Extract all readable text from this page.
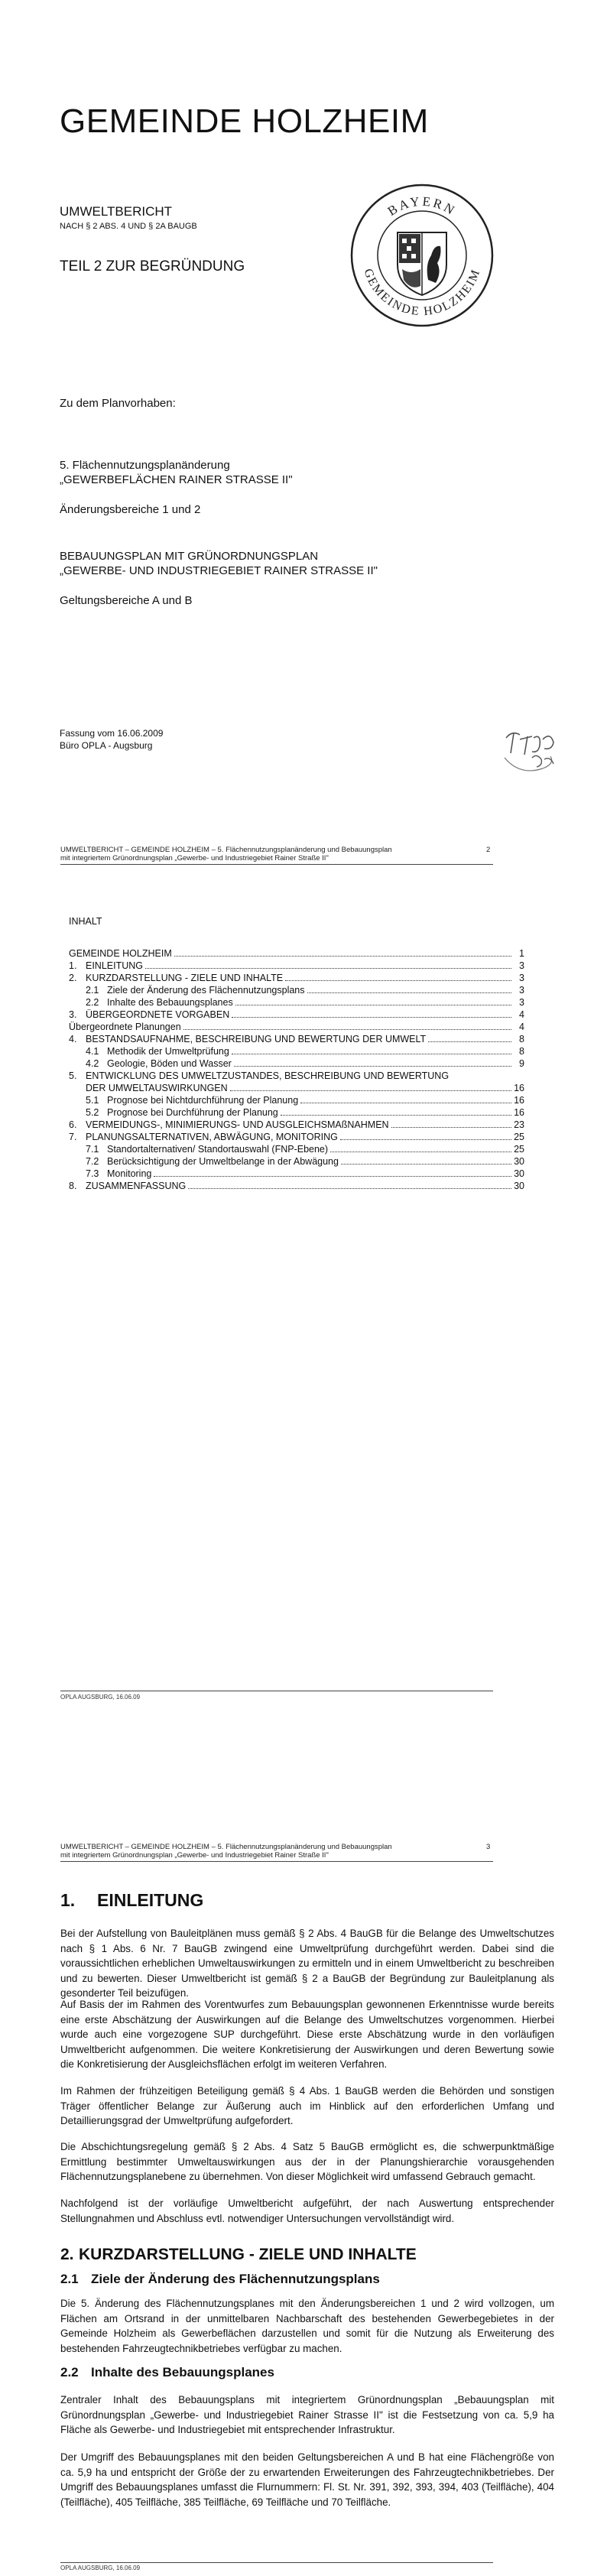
GEMEINDE HOLZHEIM
UMWELTBERICHT
NACH § 2 ABS. 4 UND § 2A BAUGB
TEIL 2 ZUR BEGRÜNDUNG
BAYERN
GEMEINDE HOLZHEIM
Zu dem Planvorhaben:
5. Flächennutzungsplanänderung
„GEWERBEFLÄCHEN RAINER STRASSE II"
Änderungsbereiche 1 und 2
BEBAUUNGSPLAN MIT GRÜNORDNUNGSPLAN
„GEWERBE- UND INDUSTRIEGEBIET RAINER STRASSE II"
Geltungsbereiche A und B
Fassung vom 16.06.2009
Büro OPLA - Augsburg
UMWELTBERICHT – GEMEINDE HOLZHEIM – 5. Flächennutzungsplanänderung und Bebauungsplan
mit integriertem Grünordnungsplan „Gewerbe- und Industriegebiet Rainer Straße II"
2
INHALT
GEMEINDE HOLZHEIM	1
1. EINLEITUNG	3
2. KURZDARSTELLUNG - ZIELE UND INHALTE	3
2.1 Ziele der Änderung des Flächennutzungsplans	3
2.2 Inhalte des Bebauungsplanes	3
3. ÜBERGEORDNETE VORGABEN	4
Übergeordnete Planungen	4
4. BESTANDSAUFNAHME, BESCHREIBUNG UND BEWERTUNG DER UMWELT	8
4.1 Methodik der Umweltprüfung	8
4.2 Geologie, Böden und Wasser	9
5. ENTWICKLUNG DES UMWELTZUSTANDES, BESCHREIBUNG UND BEWERTUNG
DER UMWELTAUSWIRKUNGEN	16
5.1 Prognose bei Nichtdurchführung der Planung	16
5.2 Prognose bei Durchführung der Planung	16
6. VERMEIDUNGS-, MINIMIERUNGS- UND AUSGLEICHSMAßNAHMEN	23
7. PLANUNGSALTERNATIVEN, ABWÄGUNG, MONITORING	25
7.1 Standortalternativen/ Standortauswahl (FNP-Ebene)	25
7.2 Berücksichtigung der Umweltbelange in der Abwägung	30
7.3 Monitoring	30
8. ZUSAMMENFASSUNG	30
OPLA AUGSBURG, 16.06.09
UMWELTBERICHT – GEMEINDE HOLZHEIM – 5. Flächennutzungsplanänderung und Bebauungsplan
mit integriertem Grünordnungsplan „Gewerbe- und Industriegebiet Rainer Straße II"
3
1. EINLEITUNG
Bei der Aufstellung von Bauleitplänen muss gemäß § 2 Abs. 4 BauGB für die Belange des Umweltschutzes nach § 1 Abs. 6 Nr. 7 BauGB zwingend eine Umweltprüfung durchgeführt werden. Dabei sind die voraussichtlichen erheblichen Umweltauswirkungen zu ermitteln und in einem Umweltbericht zu beschreiben und zu bewerten. Dieser Umweltbericht ist gemäß § 2 a BauGB der Begründung zur Bauleitplanung als gesonderter Teil beizufügen.
Auf Basis der im Rahmen des Vorentwurfes zum Bebauungsplan gewonnenen Erkenntnisse wurde bereits eine erste Abschätzung der Auswirkungen auf die Belange des Umweltschutzes vorgenommen. Hierbei wurde auch eine vorgezogene SUP durchgeführt. Diese erste Abschätzung wurde in den vorläufigen Umweltbericht aufgenommen. Die weitere Konkretisierung der Auswirkungen und deren Bewertung sowie die Konkretisierung der Ausgleichsflächen erfolgt im weiteren Verfahren.
Im Rahmen der frühzeitigen Beteiligung gemäß § 4 Abs. 1 BauGB werden die Behörden und sonstigen Träger öffentlicher Belange zur Äußerung auch im Hinblick auf den erforderlichen Umfang und Detaillierungsgrad der Umweltprüfung aufgefordert.
Die Abschichtungsregelung gemäß § 2 Abs. 4 Satz 5 BauGB ermöglicht es, die schwerpunktmäßige Ermittlung bestimmter Umweltauswirkungen aus der in der Planungshierarchie vorausgehenden Flächennutzungsplanebene zu übernehmen. Von dieser Möglichkeit wird umfassend Gebrauch gemacht.
Nachfolgend ist der vorläufige Umweltbericht aufgeführt, der nach Auswertung entsprechender Stellungnahmen und Abschluss evtl. notwendiger Untersuchungen vervollständigt wird.
2. KURZDARSTELLUNG - ZIELE UND INHALTE
2.1 Ziele der Änderung des Flächennutzungsplans
Die 5. Änderung des Flächennutzungsplanes mit den Änderungsbereichen 1 und 2 wird vollzogen, um Flächen am Ortsrand in der unmittelbaren Nachbarschaft des bestehenden Gewerbegebietes in der Gemeinde Holzheim als Gewerbeflächen darzustellen und somit für die Nutzung als Erweiterung des bestehenden Fahrzeugtechnikbetriebes verfügbar zu machen.
2.2 Inhalte des Bebauungsplanes
Zentraler Inhalt des Bebauungsplans mit integriertem Grünordnungsplan „Bebauungsplan mit Grünordnungsplan „Gewerbe- und Industriegebiet Rainer Strasse II" ist die Festsetzung von ca. 5,9 ha Fläche als Gewerbe- und Industriegebiet mit entsprechender Infrastruktur.
Der Umgriff des Bebauungsplanes mit den beiden Geltungsbereichen A und B hat eine Flächengröße von ca. 5,9 ha und entspricht der Größe der zu erwartenden Erweiterungen des Fahrzeugtechnikbetriebes. Der Umgriff des Bebauungsplanes umfasst die Flurnummern: Fl. St. Nr. 391, 392, 393, 394, 403 (Teilfläche), 404 (Teilfläche), 405 Teilfläche, 385 Teilfläche, 69 Teilfläche und 70 Teilfläche.
OPLA AUGSBURG, 16.06.09
